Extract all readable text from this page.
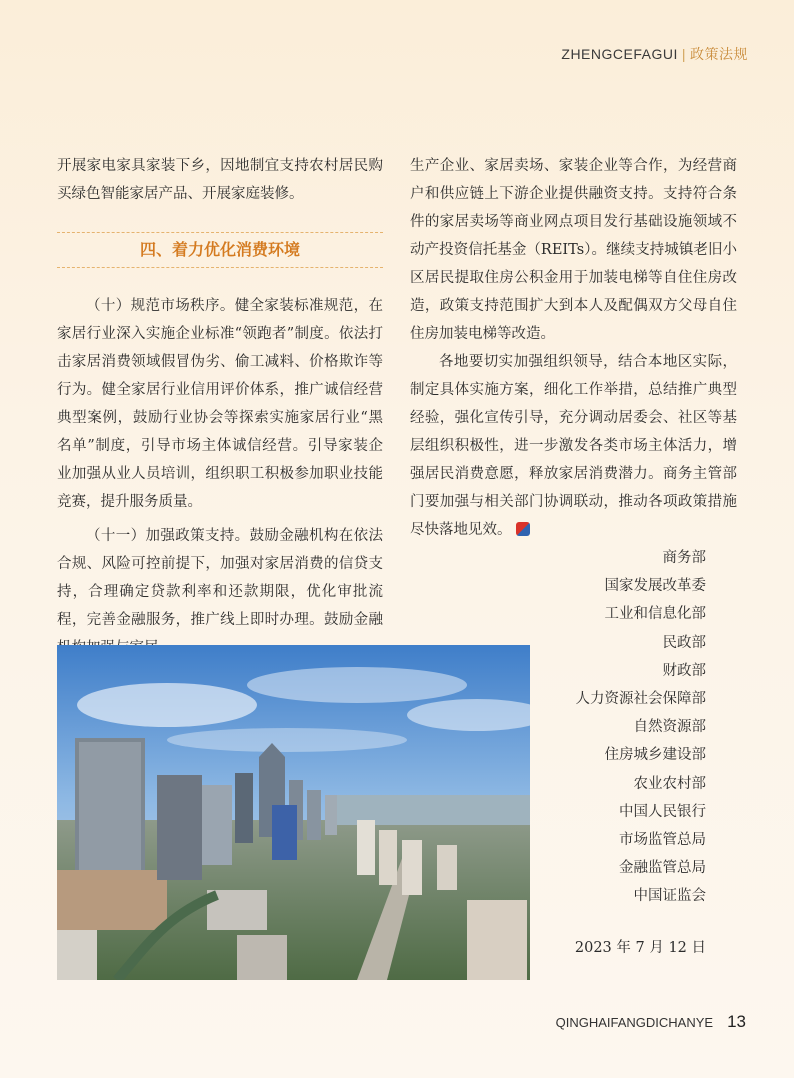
ZHENGCEFAGUI | 政策法规

开展家电家具家装下乡，因地制宜支持农村居民购买绿色智能家居产品、开展家庭装修。

四、着力优化消费环境

（十）规范市场秩序。健全家装标准规范，在家居行业深入实施企业标准“领跑者”制度。依法打击家居消费领域假冒伪劣、偷工减料、价格欺诈等行为。健全家居行业信用评价体系，推广诚信经营典型案例，鼓励行业协会等探索实施家居行业“黑名单”制度，引导市场主体诚信经营。引导家装企业加强从业人员培训，组织职工积极参加职业技能竞赛，提升服务质量。

（十一）加强政策支持。鼓励金融机构在依法合规、风险可控前提下，加强对家居消费的信贷支持，合理确定贷款利率和还款期限，优化审批流程，完善金融服务，推广线上即时办理。鼓励金融

生产企业、家居卖场、家装企业等合作，为经营商户和供应链上下游企业提供融资支持。支持符合条件的家居卖场等商业网点项目发行基础设施领域不动产投资信托基金（REITs）。继续支持城镇老旧小区居民提取住房公积金用于加装电梯等自住住房改造，政策支持范围扩大到本人及配偶双方父母自住住房加装电梯等改造。

各地要切实加强组织领导，结合本地区实际，制定具体实施方案，细化工作举措，总结推广典型经验，强化宣传引导，充分调动居委会、社区等基层组织积极性，进一步激发各类市场主体活力，增强居民消费意愿，释放家居消费潜力。商务主管部门要加强与相关部门协调联动，推动各项政策措施尽快落地见效。

商务部
国家发展改革委
工业和信息化部
民政部
财政部
人力资源社会保障部
自然资源部
住房城乡建设部
农业农村部
中国人民银行
市场监管总局
金融监管总局
中国证监会
2023 年 7 月 12 日
QINGHAIFANGDICHANYE 13
